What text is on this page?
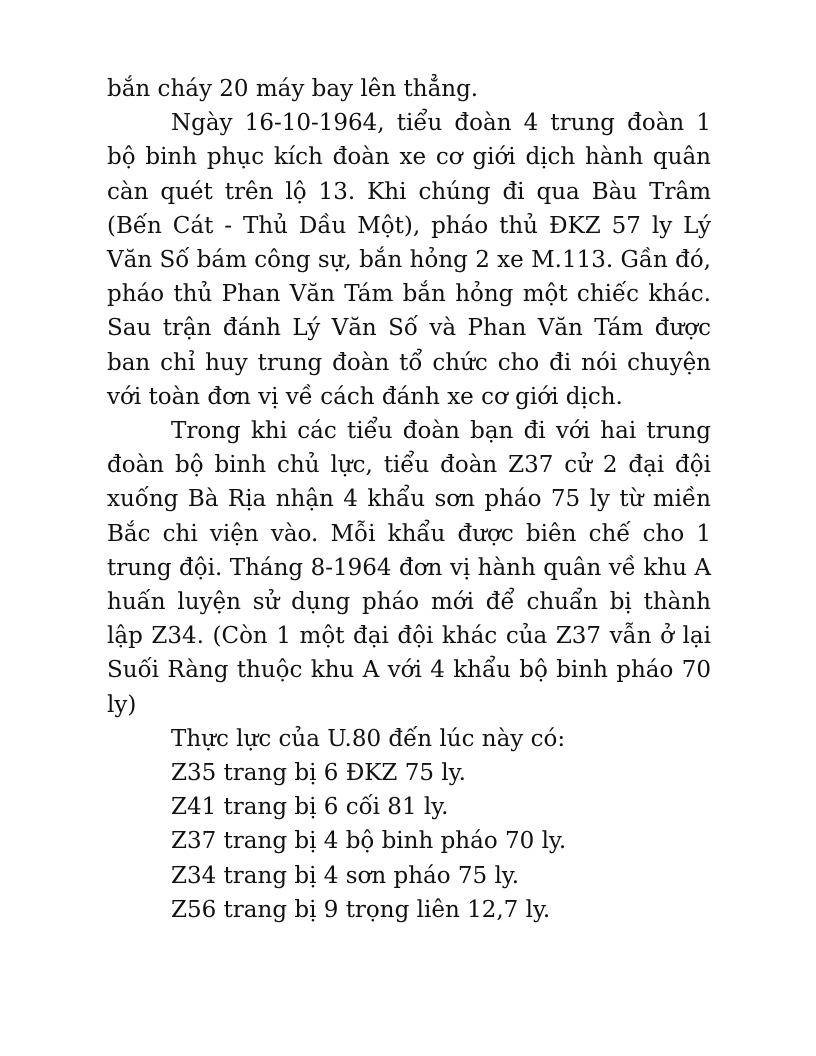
bắn cháy 20 máy bay lên thẳng.

Ngày 16-10-1964, tiểu đoàn 4 trung đoàn 1 bộ binh phục kích đoàn xe cơ giới dịch hành quân càn quét trên lộ 13. Khi chúng đi qua Bàu Trâm (Bến Cát - Thủ Dầu Một), pháo thủ ĐKZ 57 ly Lý Văn Số bám công sự, bắn hỏng 2 xe M.113. Gần đó, pháo thủ Phan Văn Tám bắn hỏng một chiếc khác. Sau trận đánh Lý Văn Số và Phan Văn Tám được ban chỉ huy trung đoàn tổ chức cho đi nói chuyện với toàn đơn vị về cách đánh xe cơ giới dịch.

Trong khi các tiểu đoàn bạn đi với hai trung đoàn bộ binh chủ lực, tiểu đoàn Z37 cử 2 đại đội xuống Bà Rịa nhận 4 khẩu sơn pháo 75 ly từ miền Bắc chi viện vào. Mỗi khẩu được biên chế cho 1 trung đội. Tháng 8-1964 đơn vị hành quân về khu A huấn luyện sử dụng pháo mới để chuẩn bị thành lập Z34. (Còn 1 một đại đội khác của Z37 vẫn ở lại Suối Ràng thuộc khu A với 4 khẩu bộ binh pháo 70 ly)

Thực lực của U.80 đến lúc này có:
Z35 trang bị 6 ĐKZ 75 ly.
Z41 trang bị 6 cối 81 ly.
Z37 trang bị 4 bộ binh pháo 70 ly.
Z34 trang bị 4 sơn pháo 75 ly.
Z56 trang bị 9 trọng liên 12,7 ly.
